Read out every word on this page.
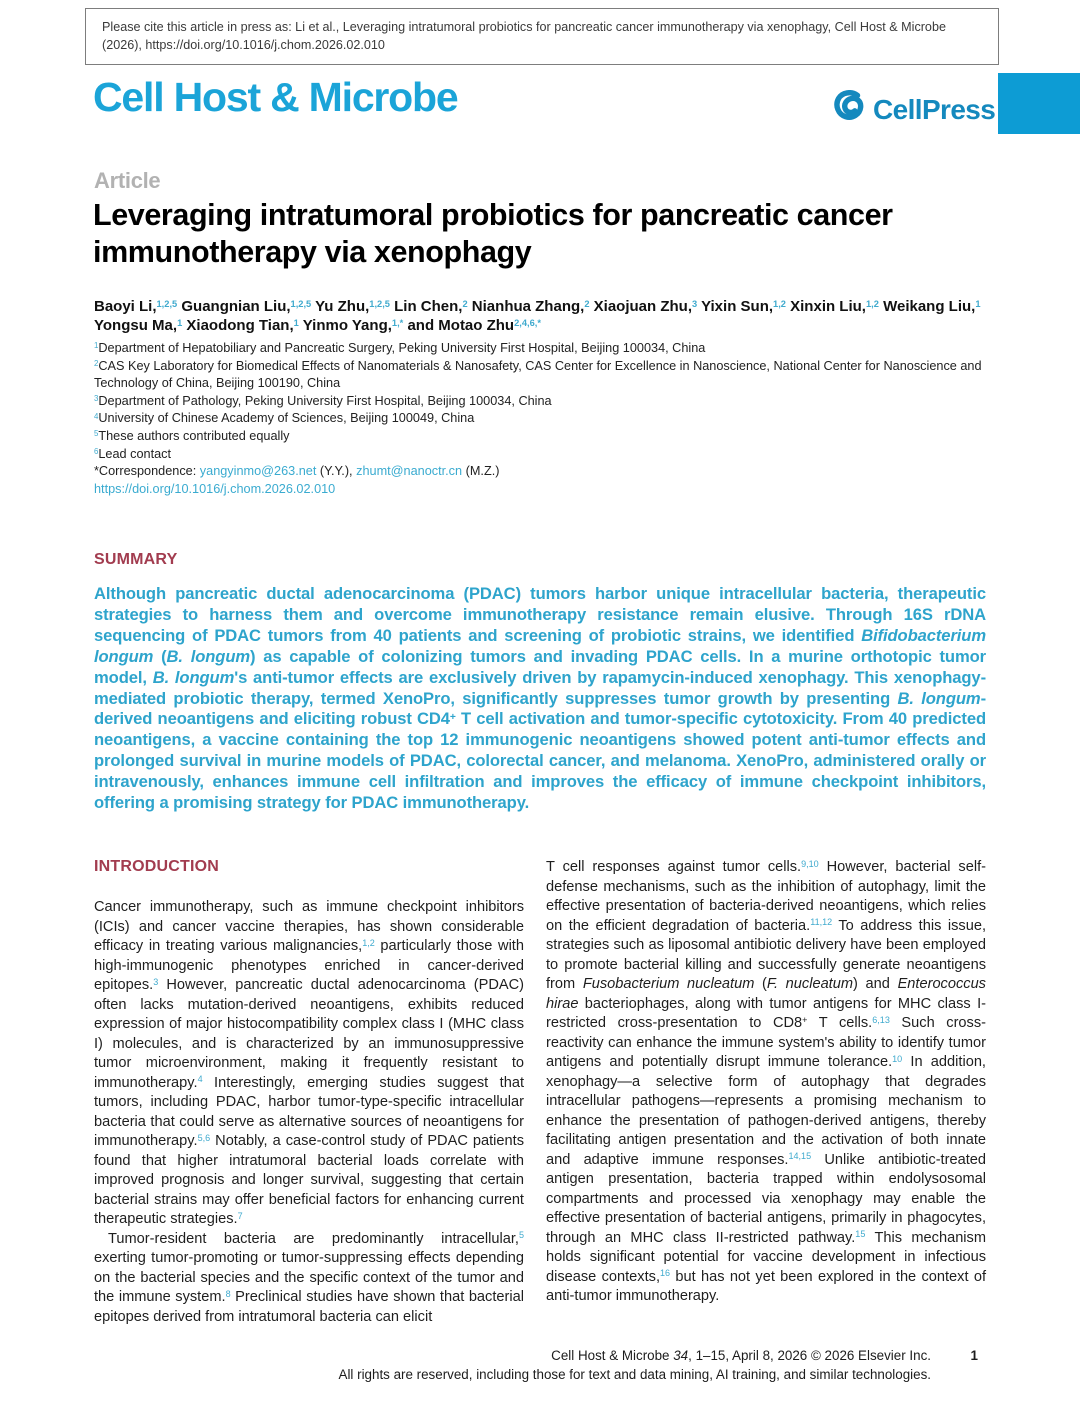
Please cite this article in press as: Li et al., Leveraging intratumoral probiotics for pancreatic cancer immunotherapy via xenophagy, Cell Host & Microbe (2026), https://doi.org/10.1016/j.chom.2026.02.010
Cell Host & Microbe	CellPress
Article
Leveraging intratumoral probiotics for pancreatic cancer immunotherapy via xenophagy
Baoyi Li,$^{1,2,5}$ Guangnian Liu,$^{1,2,5}$ Yu Zhu,$^{1,2,5}$ Lin Chen,$^2$ Nianhua Zhang,$^2$ Xiaojuan Zhu,$^3$ Yixin Sun,$^{1,2}$ Xinxin Liu,$^{1,2}$ Weikang Liu,$^1$ Yongsu Ma,$^1$ Xiaodong Tian,$^1$ Yinmo Yang,$^{1,*}$ and Motao Zhu$^{2,4,6,*}$
$^1$Department of Hepatobiliary and Pancreatic Surgery, Peking University First Hospital, Beijing 100034, China
$^2$CAS Key Laboratory for Biomedical Effects of Nanomaterials & Nanosafety, CAS Center for Excellence in Nanoscience, National Center for Nanoscience and Technology of China, Beijing 100190, China
$^3$Department of Pathology, Peking University First Hospital, Beijing 100034, China
$^4$University of Chinese Academy of Sciences, Beijing 100049, China
$^5$These authors contributed equally
$^6$Lead contact
*Correspondence: yangyinmo@263.net (Y.Y.), zhumt@nanoctr.cn (M.Z.)
https://doi.org/10.1016/j.chom.2026.02.010
SUMMARY
Although pancreatic ductal adenocarcinoma (PDAC) tumors harbor unique intracellular bacteria, therapeutic strategies to harness them and overcome immunotherapy resistance remain elusive. Through 16S rDNA sequencing of PDAC tumors from 40 patients and screening of probiotic strains, we identified Bifidobacterium longum (B. longum) as capable of colonizing tumors and invading PDAC cells. In a murine orthotopic tumor model, B. longum's anti-tumor effects are exclusively driven by rapamycin-induced xenophagy. This xenophagy-mediated probiotic therapy, termed XenoPro, significantly suppresses tumor growth by presenting B. longum-derived neoantigens and eliciting robust CD4+ T cell activation and tumor-specific cytotoxicity. From 40 predicted neoantigens, a vaccine containing the top 12 immunogenic neoantigens showed potent anti-tumor effects and prolonged survival in murine models of PDAC, colorectal cancer, and melanoma. XenoPro, administered orally or intravenously, enhances immune cell infiltration and improves the efficacy of immune checkpoint inhibitors, offering a promising strategy for PDAC immunotherapy.
INTRODUCTION

Cancer immunotherapy, such as immune checkpoint inhibitors (ICIs) and cancer vaccine therapies, has shown considerable efficacy in treating various malignancies,$^{1,2}$ particularly those with high-immunogenic phenotypes enriched in cancer-derived epitopes.$^3$ However, pancreatic ductal adenocarcinoma (PDAC) often lacks mutation-derived neoantigens, exhibits reduced expression of major histocompatibility complex class I (MHC class I) molecules, and is characterized by an immunosuppressive tumor microenvironment, making it frequently resistant to immunotherapy.$^4$ Interestingly, emerging studies suggest that tumors, including PDAC, harbor tumor-type-specific intracellular bacteria that could serve as alternative sources of neoantigens for immunotherapy.$^{5,6}$ Notably, a case-control study of PDAC patients found that higher intratumoral bacterial loads correlate with improved prognosis and longer survival, suggesting that certain bacterial strains may offer beneficial factors for enhancing current therapeutic strategies.$^7$

Tumor-resident bacteria are predominantly intracellular,$^5$ exerting tumor-promoting or tumor-suppressing effects depending on the bacterial species and the specific context of the tumor and the immune system.$^8$ Preclinical studies have shown that bacterial epitopes derived from intratumoral bacteria can elicit

T cell responses against tumor cells.$^{9,10}$ However, bacterial self-defense mechanisms, such as the inhibition of autophagy, limit the effective presentation of bacteria-derived neoantigens, which relies on the efficient degradation of bacteria.$^{11,12}$ To address this issue, strategies such as liposomal antibiotic delivery have been employed to promote bacterial killing and successfully generate neoantigens from Fusobacterium nucleatum (F. nucleatum) and Enterococcus hirae bacteriophages, along with tumor antigens for MHC class I-restricted cross-presentation to CD8+ T cells.$^{6,13}$ Such cross-reactivity can enhance the immune system's ability to identify tumor antigens and potentially disrupt immune tolerance.$^{10}$ In addition, xenophagy—a selective form of autophagy that degrades intracellular pathogens—represents a promising mechanism to enhance the presentation of pathogen-derived antigens, thereby facilitating antigen presentation and the activation of both innate and adaptive immune responses.$^{14,15}$ Unlike antibiotic-treated antigen presentation, bacteria trapped within endolysosomal compartments and processed via xenophagy may enable the effective presentation of bacterial antigens, primarily in phagocytes, through an MHC class II-restricted pathway.$^{15}$ This mechanism holds significant potential for vaccine development in infectious disease contexts,$^{16}$ but has not yet been explored in the context of anti-tumor immunotherapy.

Cell Host & Microbe 34, 1–15, April 8, 2026 © 2026 Elsevier Inc.
All rights are reserved, including those for text and data mining, AI training, and similar technologies.
1
